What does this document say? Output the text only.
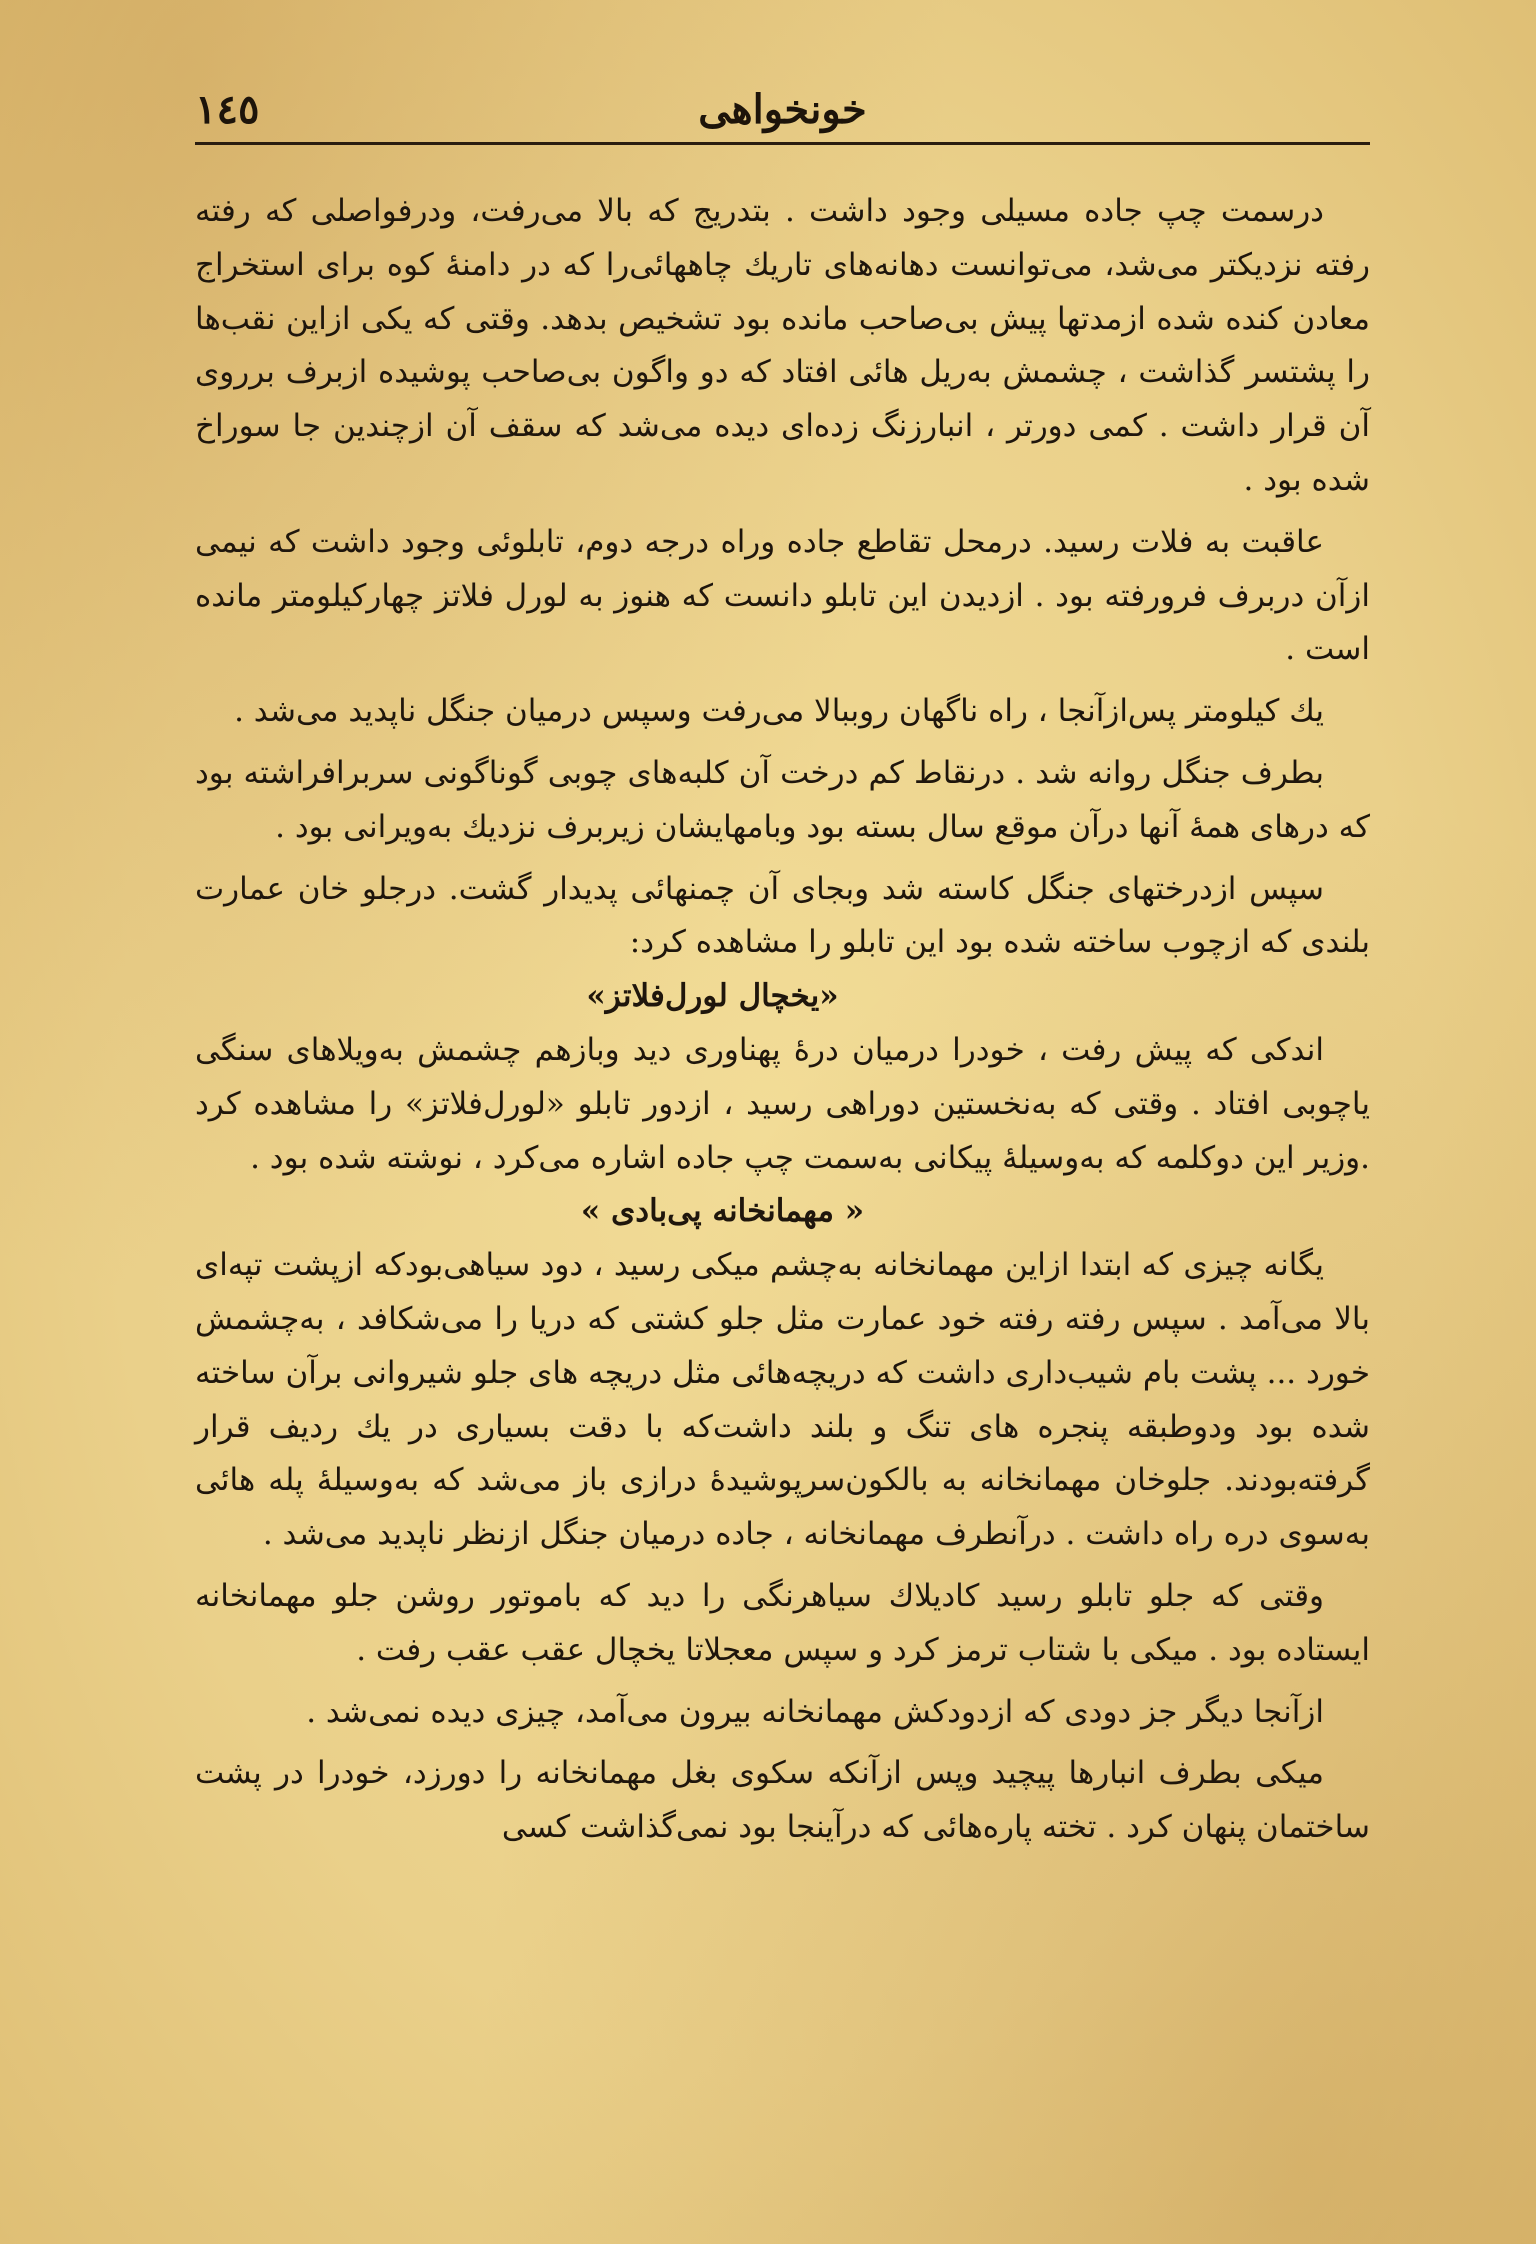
خونخواهی
١٤٥

درسمت چپ جاده مسیلی وجود داشت . بتدریج که بالا می‌رفت، ودرفواصلی که رفته رفته نزدیکتر می‌شد، می‌توانست دهانه‌های تاریك چاههائی‌را که در دامنهٔ کوه برای استخراج معادن کنده شده ازمدتها پیش بی‌صاحب مانده بود تشخیص بدهد. وقتی که یکی ازاین نقب‌ها را پشتسر گذاشت ، چشمش به‌ریل هائی افتاد که دو واگون بی‌صاحب پوشیده ازبرف برروی آن قرار داشت . کمی دورتر ، انبارزنگ زده‌ای دیده می‌شد که سقف آن ازچندین جا سوراخ شده بود .

عاقبت به فلات رسید. درمحل تقاطع جاده وراه درجه دوم، تابلوئی وجود داشت که نیمی ازآن دربرف فرورفته بود . ازدیدن این تابلو دانست که هنوز به لورل فلاتز چهارکیلومتر مانده است .

یك کیلومتر پس‌ازآنجا ، راه ناگهان روببالا می‌رفت وسپس درمیان جنگل ناپدید می‌شد .

بطرف جنگل روانه شد . درنقاط کم درخت آن کلبه‌های چوبی گوناگونی سربرافراشته بود که درهای همهٔ آنها درآن موقع سال بسته بود وبامهایشان زیربرف نزدیك به‌ویرانی بود .

سپس ازدرختهای جنگل کاسته شد وبجای آن چمنهائی پدیدار گشت. درجلو خان عمارت بلندی که ازچوب ساخته شده بود این تابلو را مشاهده کرد:

«یخچال لورل‌فلاتز»

اندکی که پیش رفت ، خودرا درمیان درهٔ پهناوری دید وبازهم چشمش به‌ویلاهای سنگی یاچوبی افتاد . وقتی که به‌نخستین دوراهی رسید ، ازدور تابلو «لورل‌فلاتز» را مشاهده کرد .وزیر این دوکلمه که به‌وسیلهٔ پیکانی به‌سمت چپ جاده اشاره می‌کرد ، نوشته شده بود .

« مهمانخانه پی‌بادی »

یگانه چیزی که ابتدا ازاین مهمانخانه به‌چشم میکی رسید ، دود سیاهی‌بودکه ازپشت تپه‌ای بالا می‌آمد . سپس رفته رفته خود عمارت مثل جلو کشتی که دریا را می‌شکافد ، به‌چشمش خورد ... پشت بام شیب‌داری داشت که دریچه‌هائی مثل دریچه های جلو شیروانی برآن ساخته شده بود ودوطبقه پنجره های تنگ و بلند داشت‌که با دقت بسیاری در یك ردیف قرار گرفته‌بودند. جلوخان مهمانخانه به بالکون‌سرپوشیدهٔ درازی باز می‌شد که به‌وسیلهٔ پله هائی به‌سوی دره راه داشت . درآنطرف مهمانخانه ، جاده درمیان جنگل ازنظر ناپدید می‌شد .

وقتی که جلو تابلو رسید کادیلاك سیاهرنگی را دید که باموتور روشن جلو مهمانخانه ایستاده بود . میکی با شتاب ترمز کرد و سپس معجلاتا یخچال عقب عقب رفت .

ازآنجا دیگر جز دودی که ازدودکش مهمانخانه بیرون می‌آمد، چیزی دیده نمی‌شد .

میکی بطرف انبارها پیچید وپس ازآنکه سکوی بغل مهمانخانه را دورزد، خودرا در پشت ساختمان پنهان کرد . تخته پاره‌هائی که درآینجا بود نمی‌گذاشت کسی
